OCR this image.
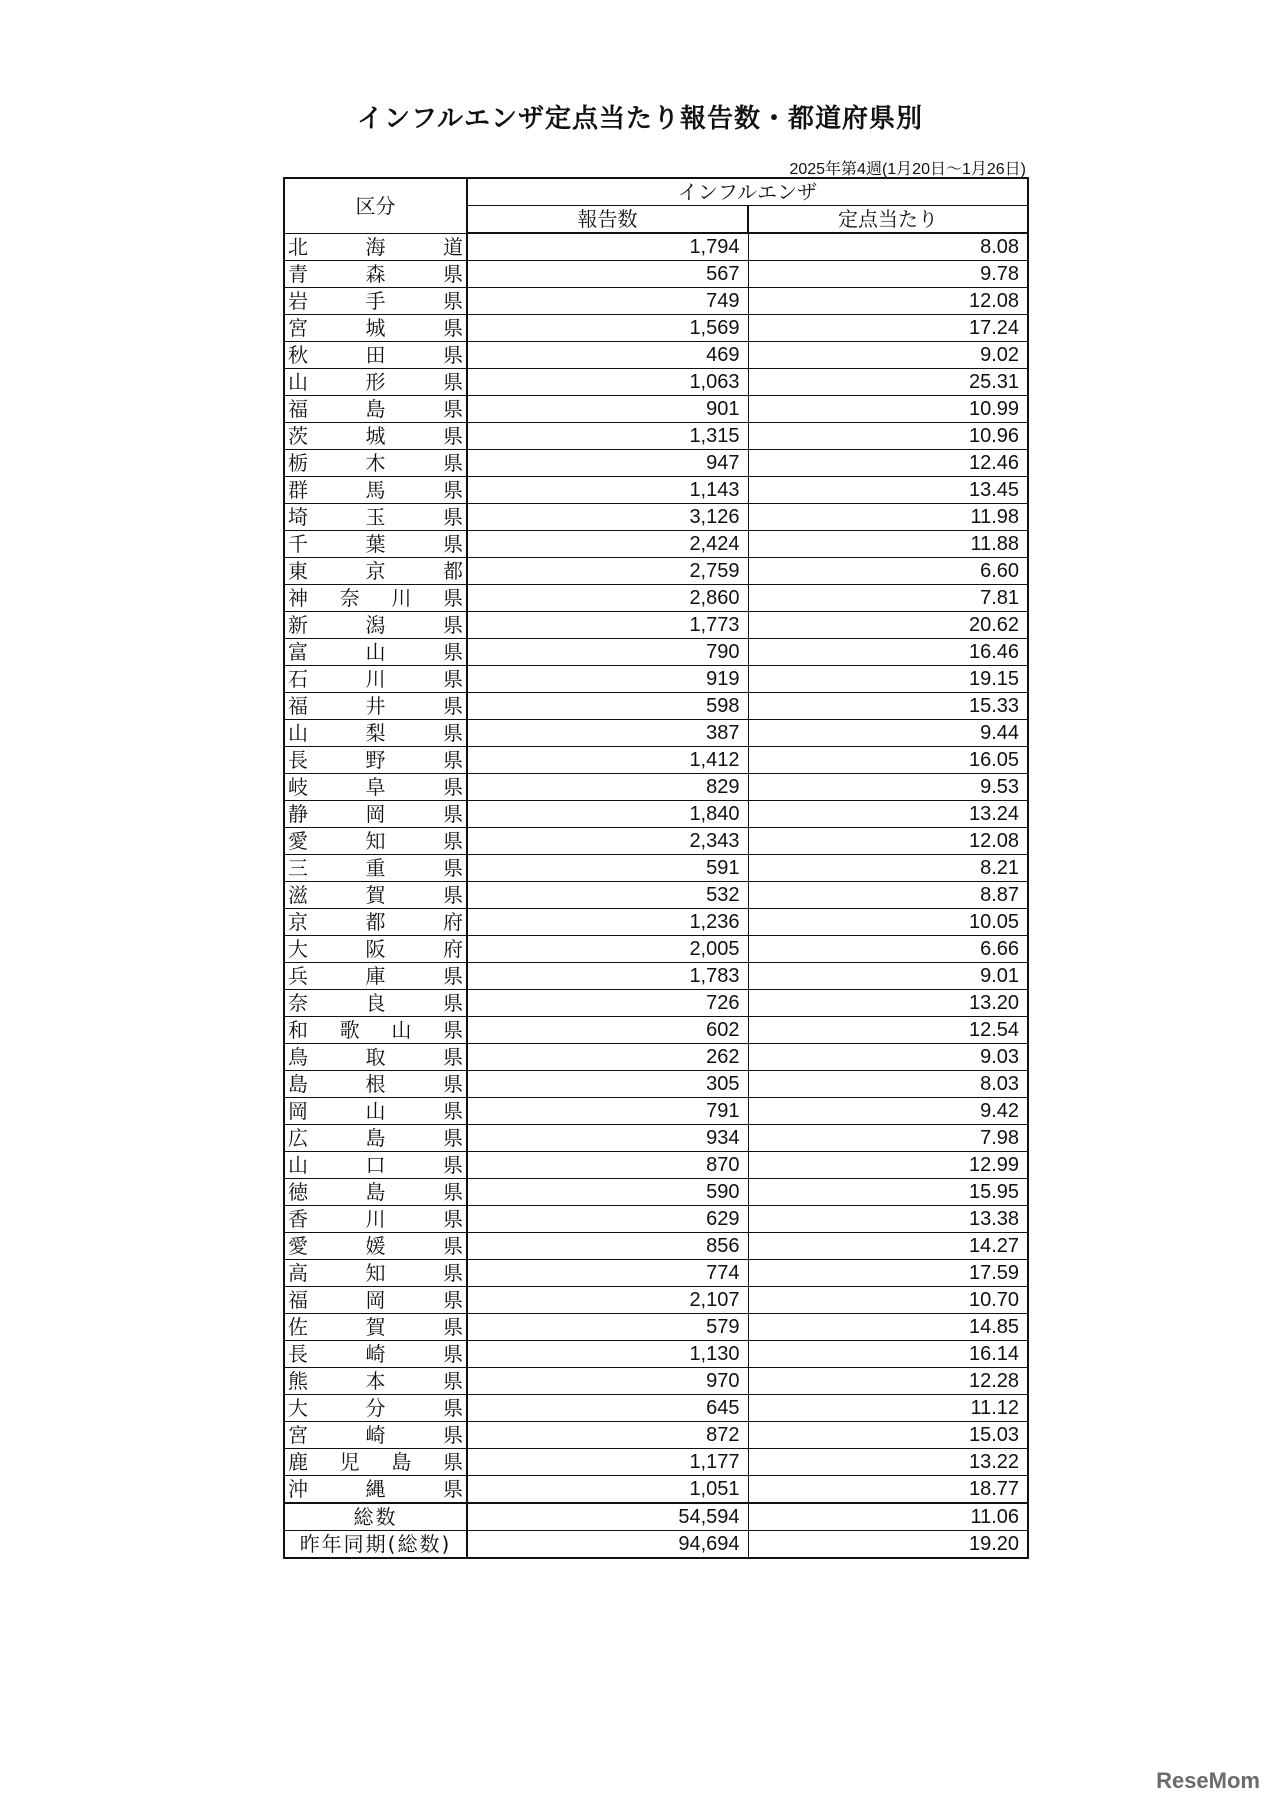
インフルエンザ定点当たり報告数・都道府県別
2025年第4週(1月20日～1月26日)
区分	インフルエンザ	
	報告数	定点当たり

北 海 道	1,794	8.08

青 森 県	567	9.78

岩 手 県	749	12.08

宮 城 県	1,569	17.24

秋 田 県	469	9.02

山 形 県	1,063	25.31

福 島 県	901	10.99

茨 城 県	1,315	10.96

栃 木 県	947	12.46

群 馬 県	1,143	13.45

埼 玉 県	3,126	11.98

千 葉 県	2,424	11.88

東 京 都	2,759	6.60

神 奈 川 県	2,860	7.81

新 潟 県	1,773	20.62

富 山 県	790	16.46

石 川 県	919	19.15

福 井 県	598	15.33

山 梨 県	387	9.44

長 野 県	1,412	16.05

岐 阜 県	829	9.53

静 岡 県	1,840	13.24

愛 知 県	2,343	12.08

三 重 県	591	8.21

滋 賀 県	532	8.87

京 都 府	1,236	10.05

大 阪 府	2,005	6.66

兵 庫 県	1,783	9.01

奈 良 県	726	13.20

和 歌 山 県	602	12.54

鳥 取 県	262	9.03

島 根 県	305	8.03

岡 山 県	791	9.42

広 島 県	934	7.98

山 口 県	870	12.99

徳 島 県	590	15.95

香 川 県	629	13.38

愛 媛 県	856	14.27

高 知 県	774	17.59

福 岡 県	2,107	10.70

佐 賀 県	579	14.85

長 崎 県	1,130	16.14

熊 本 県	970	12.28

大 分 県	645	11.12

宮 崎 県	872	15.03

鹿 児 島 県	1,177	13.22

沖 縄 県	1,051	18.77
総数	54,594	11.06
昨年同期(総数)	94,694	19.20
ReseMom
